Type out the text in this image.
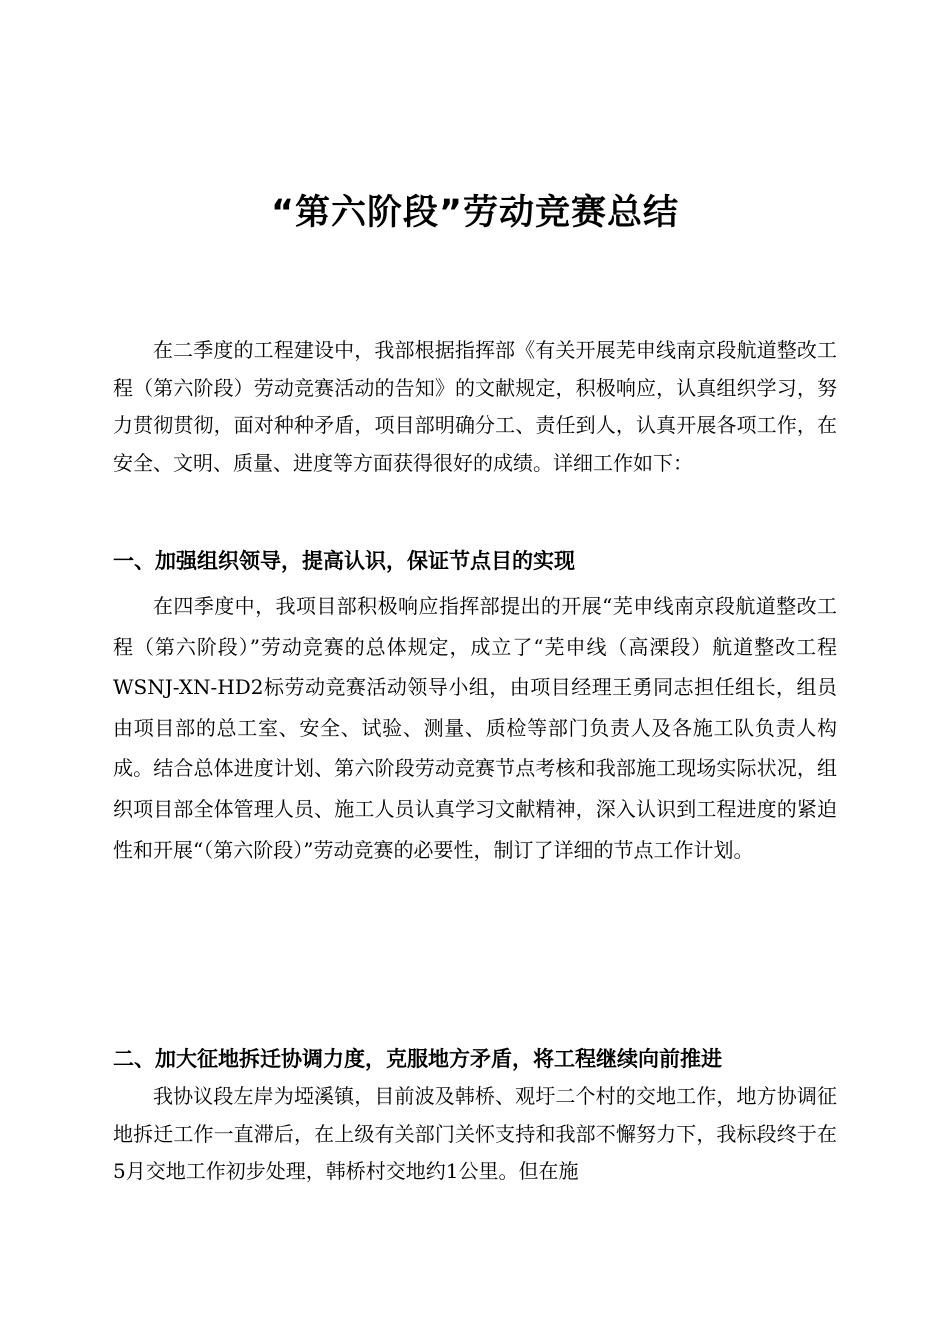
“第六阶段”劳动竞赛总结

在二季度的工程建设中，我部根据指挥部《有关开展芜申线南京段航道整改工程（第六阶段）劳动竞赛活动的告知》的文献规定，积极响应，认真组织学习，努力贯彻贯彻，面对种种矛盾，项目部明确分工、责任到人，认真开展各项工作，在安全、文明、质量、进度等方面获得很好的成绩。详细工作如下：

一、加强组织领导，提高认识，保证节点目的实现

在四季度中，我项目部积极响应指挥部提出的开展“芜申线南京段航道整改工程（第六阶段）”劳动竞赛的总体规定，成立了“芜申线（高溧段）航道整改工程WSNJ-XN-HD2标劳动竞赛活动领导小组，由项目经理王勇同志担任组长，组员由项目部的总工室、安全、试验、测量、质检等部门负责人及各施工队负责人构成。结合总体进度计划、第六阶段劳动竞赛节点考核和我部施工现场实际状况，组织项目部全体管理人员、施工人员认真学习文献精神，深入认识到工程进度的紧迫性和开展“（第六阶段）”劳动竞赛的必要性，制订了详细的节点工作计划。

二、加大征地拆迁协调力度，克服地方矛盾，将工程继续向前推进

我协议段左岸为埡溪镇，目前波及韩桥、观圩二个村的交地工作，地方协调征地拆迁工作一直滞后，在上级有关部门关怀支持和我部不懈努力下，我标段终于在5月交地工作初步处理，韩桥村交地约1公里。但在施
